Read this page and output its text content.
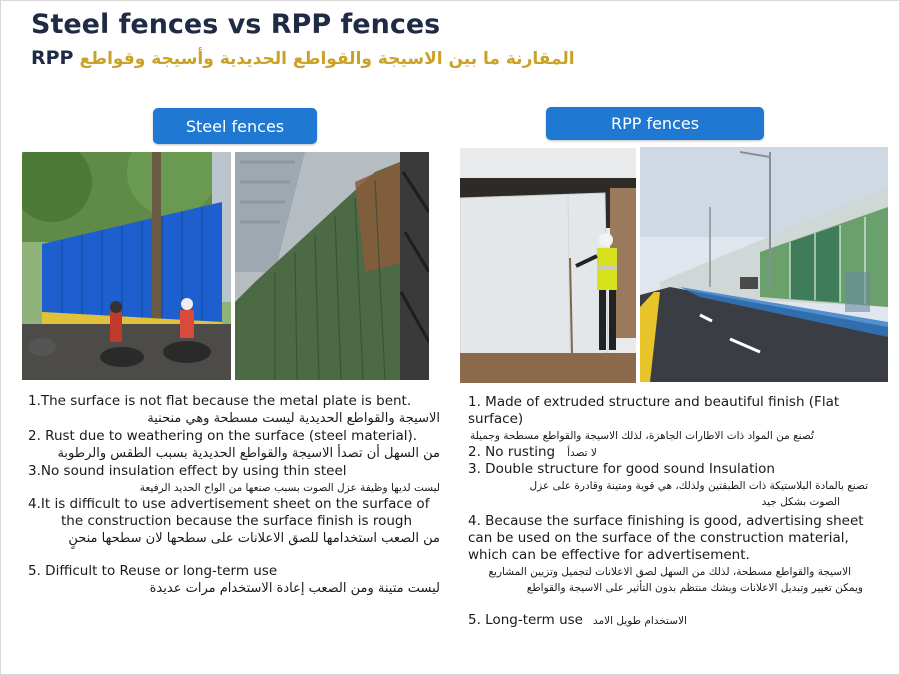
Steel fences vs RPP fences
RPP المقارنة ما بين الاسيجة والقواطع الحديدية وأسيجة وقواطع
Steel fences	RPP fences
1.The surface is not flat because the metal plate is bent.
الاسيجة والقواطع الحديدية ليست مسطحة وهي منحنية
2. Rust due to weathering on the surface (steel material).
من السهل أن تصدأ الاسيجة والقواطع الحديدية بسبب الطقس والرطوبة
3.No sound insulation effect by using thin steel
ليست لديها وظيفة عزل الصوت بسبب صنعها من الواح الحديد الرفيعة
4.It is difficult to use advertisement sheet on the surface of
the construction because the surface finish is rough
من الصعب استخدامها للصق الاعلانات على سطحها لان سطحها منحنٍ
5. Difficult to Reuse or long-term use
ليست متينة ومن الصعب إعادة الاستخدام مرات عديدة
1. Made of extruded structure and beautiful finish (Flat
surface)
تُصنع من المواد ذات الاطارات الجاهزة، لذلك الاسيجة والقواطع مسطحة وجميلة
2. No rusting لا تصدأ
3. Double structure for good sound Insulation
تصنع بالمادة البلاستيكة ذات الطبقتين ولذلك، هي قوية ومتينة وقادرة على عزل
الصوت بشكل جيد
4. Because the surface finishing is good, advertising sheet
can be used on the surface of the construction material,
which can be effective for advertisement.
الاسيجة والقواطع مسطحة، لذلك من السهل لصق الاعلانات لتجميل وتزيين المشاريع
ويمكن تغيير وتبديل الاعلانات وبشك منتظم بدون التأثير على الاسيجة والقواطع
5. Long-term use الاستخدام طويل الامد
